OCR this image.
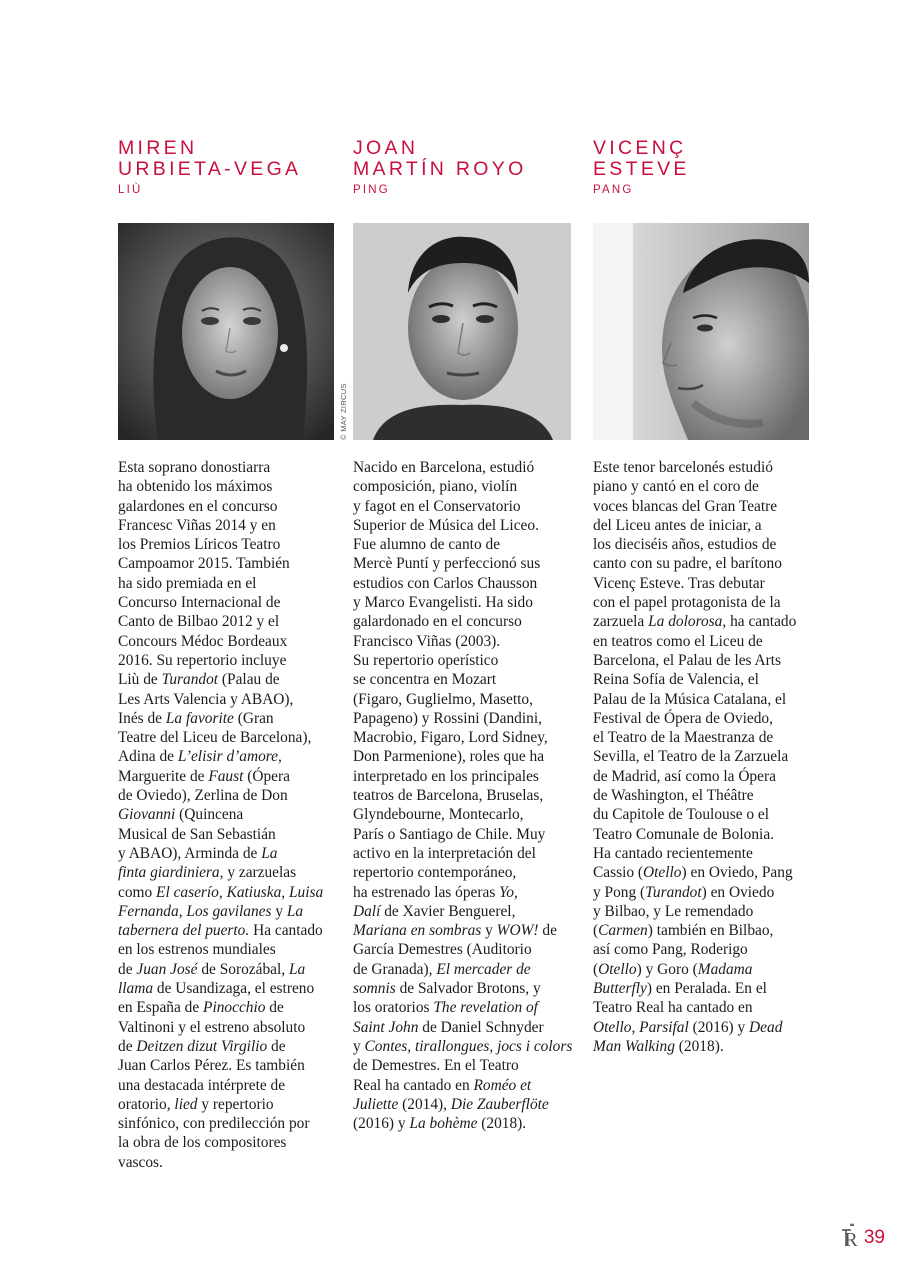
MIREN
URBIETA-VEGA
LIÙ

Esta soprano donostiarra

ha obtenido los máximos

galardones en el concurso

Francesc Viñas 2014 y en

los Premios Líricos Teatro

Campoamor 2015. También

ha sido premiada en el

Concurso Internacional de

Canto de Bilbao 2012 y el

Concours Médoc Bordeaux

2016. Su repertorio incluye

Liù de Turandot (Palau de

Les Arts Valencia y ABAO),

Inés de La favorite (Gran

Teatre del Liceu de Barcelona),

Adina de L’elisir d’amore,

Marguerite de Faust (Ópera

de Oviedo), Zerlina de Don

Giovanni (Quincena

Musical de San Sebastián

y ABAO), Arminda de La

finta giardiniera, y zarzuelas

como El caserío, Katiuska, Luisa

Fernanda, Los gavilanes y La

tabernera del puerto. Ha cantado

en los estrenos mundiales

de Juan José de Sorozábal, La

llama de Usandizaga, el estreno

en España de Pinocchio de

Valtinoni y el estreno absoluto

de Deitzen dizut Virgilio de

Juan Carlos Pérez. Es también

una destacada intérprete de

oratorio, lied y repertorio

sinfónico, con predilección por

la obra de los compositores

vascos.

JOAN
MARTÍN ROYO
PING
© MAY ZIRCUS

Nacido en Barcelona, estudió

composición, piano, violín

y fagot en el Conservatorio

Superior de Música del Liceo.

Fue alumno de canto de

Mercè Puntí y perfeccionó sus

estudios con Carlos Chausson

y Marco Evangelisti. Ha sido

galardonado en el concurso

Francisco Viñas (2003).

Su repertorio operístico

se concentra en Mozart

(Figaro, Guglielmo, Masetto,

Papageno) y Rossini (Dandini,

Macrobio, Figaro, Lord Sidney,

Don Parmenione), roles que ha

interpretado en los principales

teatros de Barcelona, Bruselas,

Glyndebourne, Montecarlo,

París o Santiago de Chile. Muy

activo en la interpretación del

repertorio contemporáneo,

ha estrenado las óperas Yo,

Dalí de Xavier Benguerel,

Mariana en sombras y WOW! de

García Demestres (Auditorio

de Granada), El mercader de

somnis de Salvador Brotons, y

los oratorios The revelation of

Saint John de Daniel Schnyder

y Contes, tirallongues, jocs i colors

de Demestres. En el Teatro

Real ha cantado en Roméo et

Juliette (2014), Die Zauberflöte

(2016) y La bohème (2018).

VICENÇ
ESTEVE
PANG

Este tenor barcelonés estudió

piano y cantó en el coro de

voces blancas del Gran Teatre

del Liceu antes de iniciar, a

los dieciséis años, estudios de

canto con su padre, el barítono

Vicenç Esteve. Tras debutar

con el papel protagonista de la

zarzuela La dolorosa, ha cantado

en teatros como el Liceu de

Barcelona, el Palau de les Arts

Reina Sofía de Valencia, el

Palau de la Música Catalana, el

Festival de Ópera de Oviedo,

el Teatro de la Maestranza de

Sevilla, el Teatro de la Zarzuela

de Madrid, así como la Ópera

de Washington, el Théâtre

du Capitole de Toulouse o el

Teatro Comunale de Bolonia.

Ha cantado recientemente

Cassio (Otello) en Oviedo, Pang

y Pong (Turandot) en Oviedo

y Bilbao, y Le remendado

(Carmen) también en Bilbao,

así como Pang, Roderigo

(Otello) y Goro (Madama

Butterfly) en Peralada. En el

Teatro Real ha cantado en

Otello, Parsifal (2016) y Dead

Man Walking (2018).

R 39
